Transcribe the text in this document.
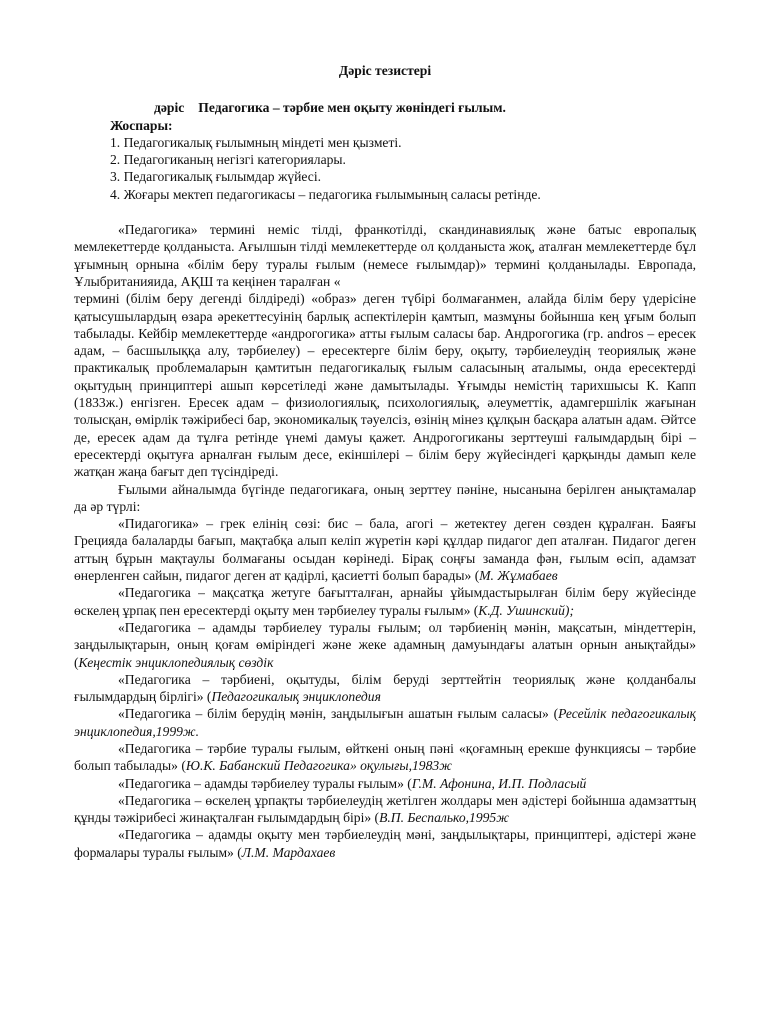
Дәріс тезистері
дәріс Педагогика – тәрбие мен оқыту жөніндегі ғылым.
Жоспары:
1. Педагогикалық ғылымның міндеті мен қызметі.
2. Педагогиканың негізгі категориялары.
3. Педагогикалық ғылымдар жүйесі.
4. Жоғары мектеп педагогикасы – педагогика ғылымының саласы ретінде.

«Педагогика» термині неміс тілді, франкотілді, скандинавиялық және батыс европалық мемлекеттерде қолданыста. Ағылшын тілді мемлекеттерде ол қолданыста жоқ, аталған мемлекеттерде бұл ұғымның орнына «білім беру туралы ғылым (немесе ғылымдар)» термині қолданылады. Европада, Ұлыбританияида, АҚШ та кеңінен таралған «

термині (білім беру дегенді білдіреді) «образ» деген түбірі болмағанмен, алайда білім беру үдерісіне қатысушылардың өзара әрекеттесуінің барлық аспектілерін қамтып, мазмұны бойынша кең ұғым болып табылады. Кейбір мемлекеттерде «андрогогика» атты ғылым саласы бар. Андрогогика (гр. andros – ересек адам, – басшылыққа алу, тәрбиелеу) – ересектерге білім беру, оқыту, тәрбиелеудің теориялық және практикалық проблемаларын қамтитын педагогикалық ғылым саласының аталымы, онда ересектерді оқытудың принциптері ашып көрсетіледі және дамытылады. Ұғымды немістің тарихшысы К. Капп (1833ж.) енгізген. Ересек адам – физиологиялық, психологиялық, әлеуметтік, адамгершілік жағынан толысқан, өмірлік тәжірибесі бар, экономикалық тәуелсіз, өзінің мінез құлқын басқара алатын адам. Әйтсе де, ересек адам да тұлға ретінде үнемі дамуы қажет. Андрогогиканы зерттеуші ғалымдардың бірі – ересектерді оқытуға арналған ғылым десе, екіншілері – білім беру жүйесіндегі қарқынды дамып келе жатқан жаңа бағыт деп түсіндіреді.

Ғылыми айналымда бүгінде педагогикаға, оның зерттеу пәніне, нысанына берілген анықтамалар да әр түрлі:

«Пидагогика» – грек елінің сөзі: бис – бала, агогі – жетектеу деген сөзден құралған. Баяғы Грецияда балаларды бағып, мақтабқа алып келіп жүретін кәрі құлдар пидагог деп аталған. Пидагог деген аттың бұрын мақтаулы болмағаны осыдан көрінеді. Бірақ соңғы заманда фән, ғылым өсіп, адамзат өнерленген сайын, пидагог деген ат қадірлі, қасиетті болып барады» (М. Жұмабаев

«Педагогика – мақсатқа жетуге бағытталған, арнайы ұйымдастырылған білім беру жүйесінде өскелең ұрпақ пен ересектерді оқыту мен тәрбиелеу туралы ғылым» (К.Д. Ушинский);

«Педагогика – адамды тәрбиелеу туралы ғылым; ол тәрбиенің мәнін, мақсатын, міндеттерін, заңдылықтарын, оның қоғам өміріндегі және жеке адамның дамуындағы алатын орнын анықтайды» (Кеңестік энциклопедиялық сөздік

«Педагогика – тәрбиені, оқытуды, білім беруді зерттейтін теориялық және қолданбалы ғылымдардың бірлігі» (Педагогикалық энциклопедия

«Педагогика – білім берудің мәнін, заңдылығын ашатын ғылым саласы» (Ресейлік педагогикалық энциклопедия,1999ж.

«Педагогика – тәрбие туралы ғылым, өйткені оның пәні «қоғамның ерекше функциясы – тәрбие болып табылады» (Ю.К. Бабанский Педагогика» оқулығы,1983ж

«Педагогика – адамды тәрбиелеу туралы ғылым» (Г.М. Афонина, И.П. Подласый

«Педагогика – өскелең ұрпақты тәрбиелеудің жетілген жолдары мен әдістері бойынша адамзаттың құнды тәжірибесі жинақталған ғылымдардың бірі» (В.П. Беспалько,1995ж

«Педагогика – адамды оқыту мен тәрбиелеудің мәні, заңдылықтары, принциптері, әдістері және формалары туралы ғылым» (Л.М. Мардахаев
